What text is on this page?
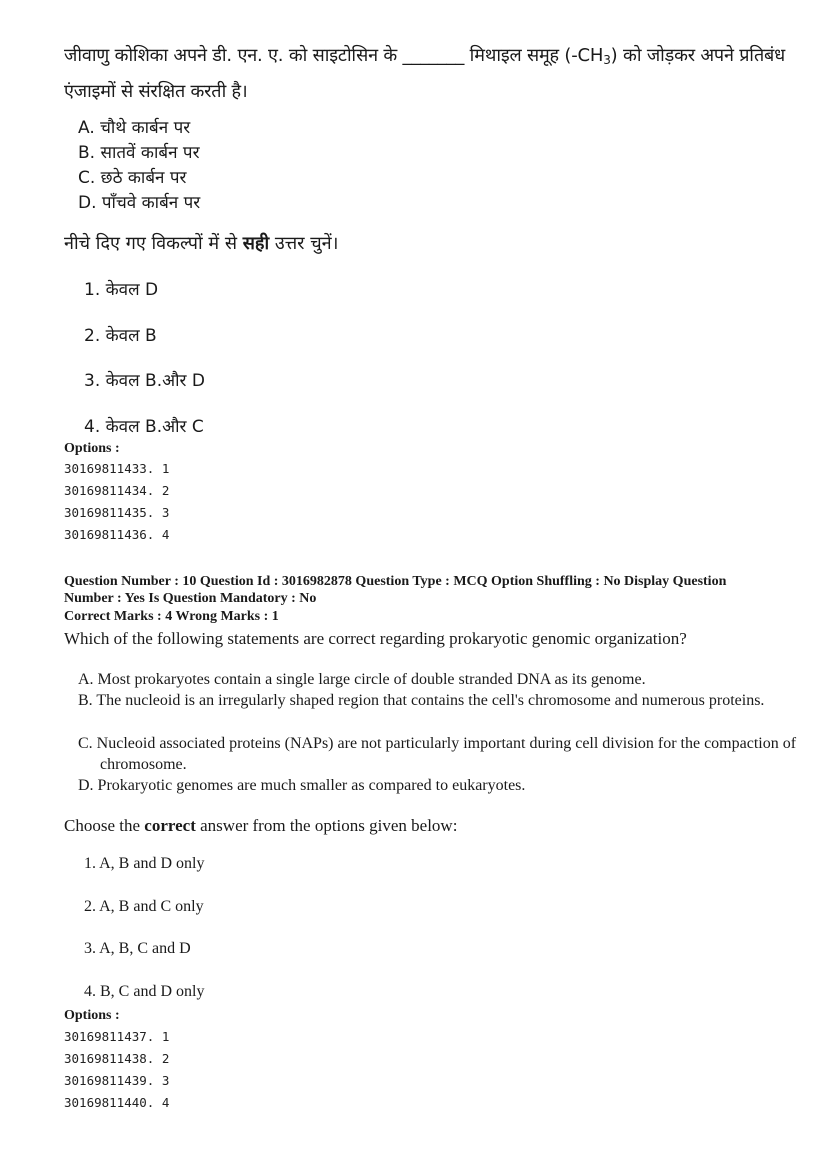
जीवाणु कोशिका अपने डी. एन. ए. को साइटोसिन के _______ मिथाइल समूह $(-CH_3)$ को जोड़कर अपने प्रतिबंध एंजाइमों से संरक्षित करती है।
A. चौथे कार्बन पर
B. सातवें कार्बन पर
C. छठे कार्बन पर
D. पाँचवे कार्बन पर
नीचे दिए गए विकल्पों में से सही उत्तर चुनें।
1. केवल D
2. केवल B
3. केवल B.और D
4. केवल B.और C
Options :
30169811433. 1
30169811434. 2
30169811435. 3
30169811436. 4
Question Number : 10 Question Id : 3016982878 Question Type : MCQ Option Shuffling : No Display Question
Number : Yes Is Question Mandatory : No
Correct Marks : 4 Wrong Marks : 1
Which of the following statements are correct regarding prokaryotic genomic organization?
A. Most prokaryotes contain a single large circle of double stranded DNA as its genome.
B. The nucleoid is an irregularly shaped region that contains the cell's chromosome and numerous proteins.
C. Nucleoid associated proteins (NAPs) are not particularly important during cell division for the compaction of chromosome.
D. Prokaryotic genomes are much smaller as compared to eukaryotes.
Choose the correct answer from the options given below:
1. A, B and D only
2. A, B and C only
3. A, B, C and D
4. B, C and D only
Options :
30169811437. 1
30169811438. 2
30169811439. 3
30169811440. 4
